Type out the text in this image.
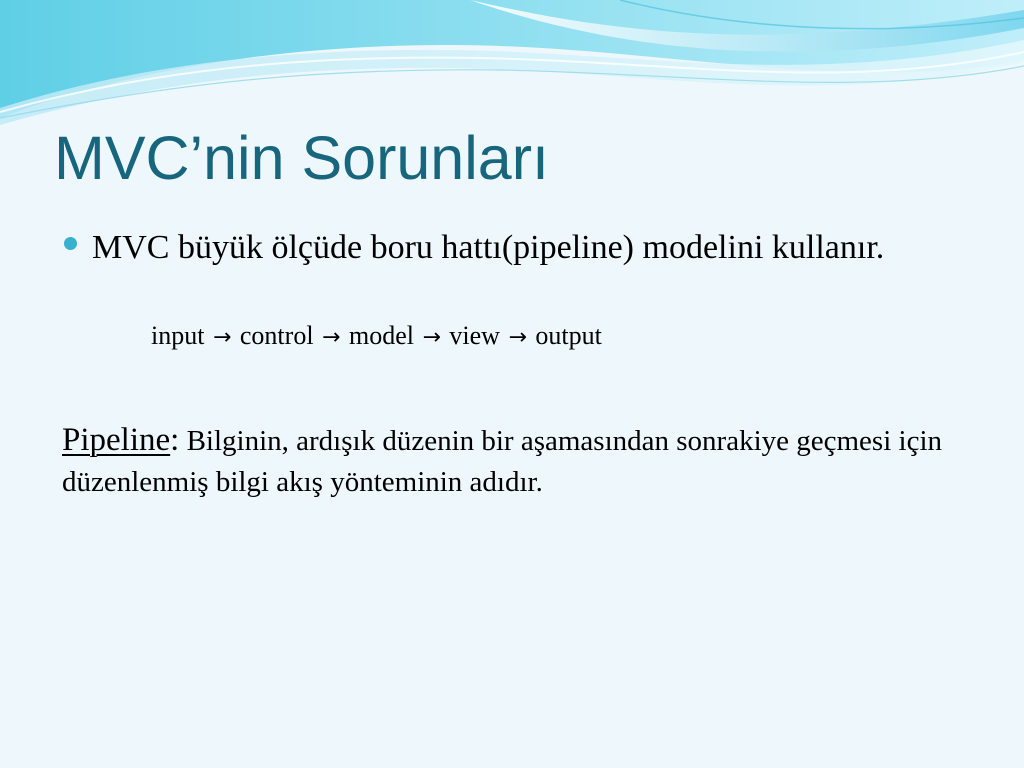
MVC’nin Sorunları

MVC büyük ölçüde boru hattı(pipeline) modelini kullanır.

input → control → model → view → output

Pipeline: Bilginin, ardışık düzenin bir aşamasından sonrakiye geçmesi için düzenlenmiş bilgi akış yönteminin adıdır.
